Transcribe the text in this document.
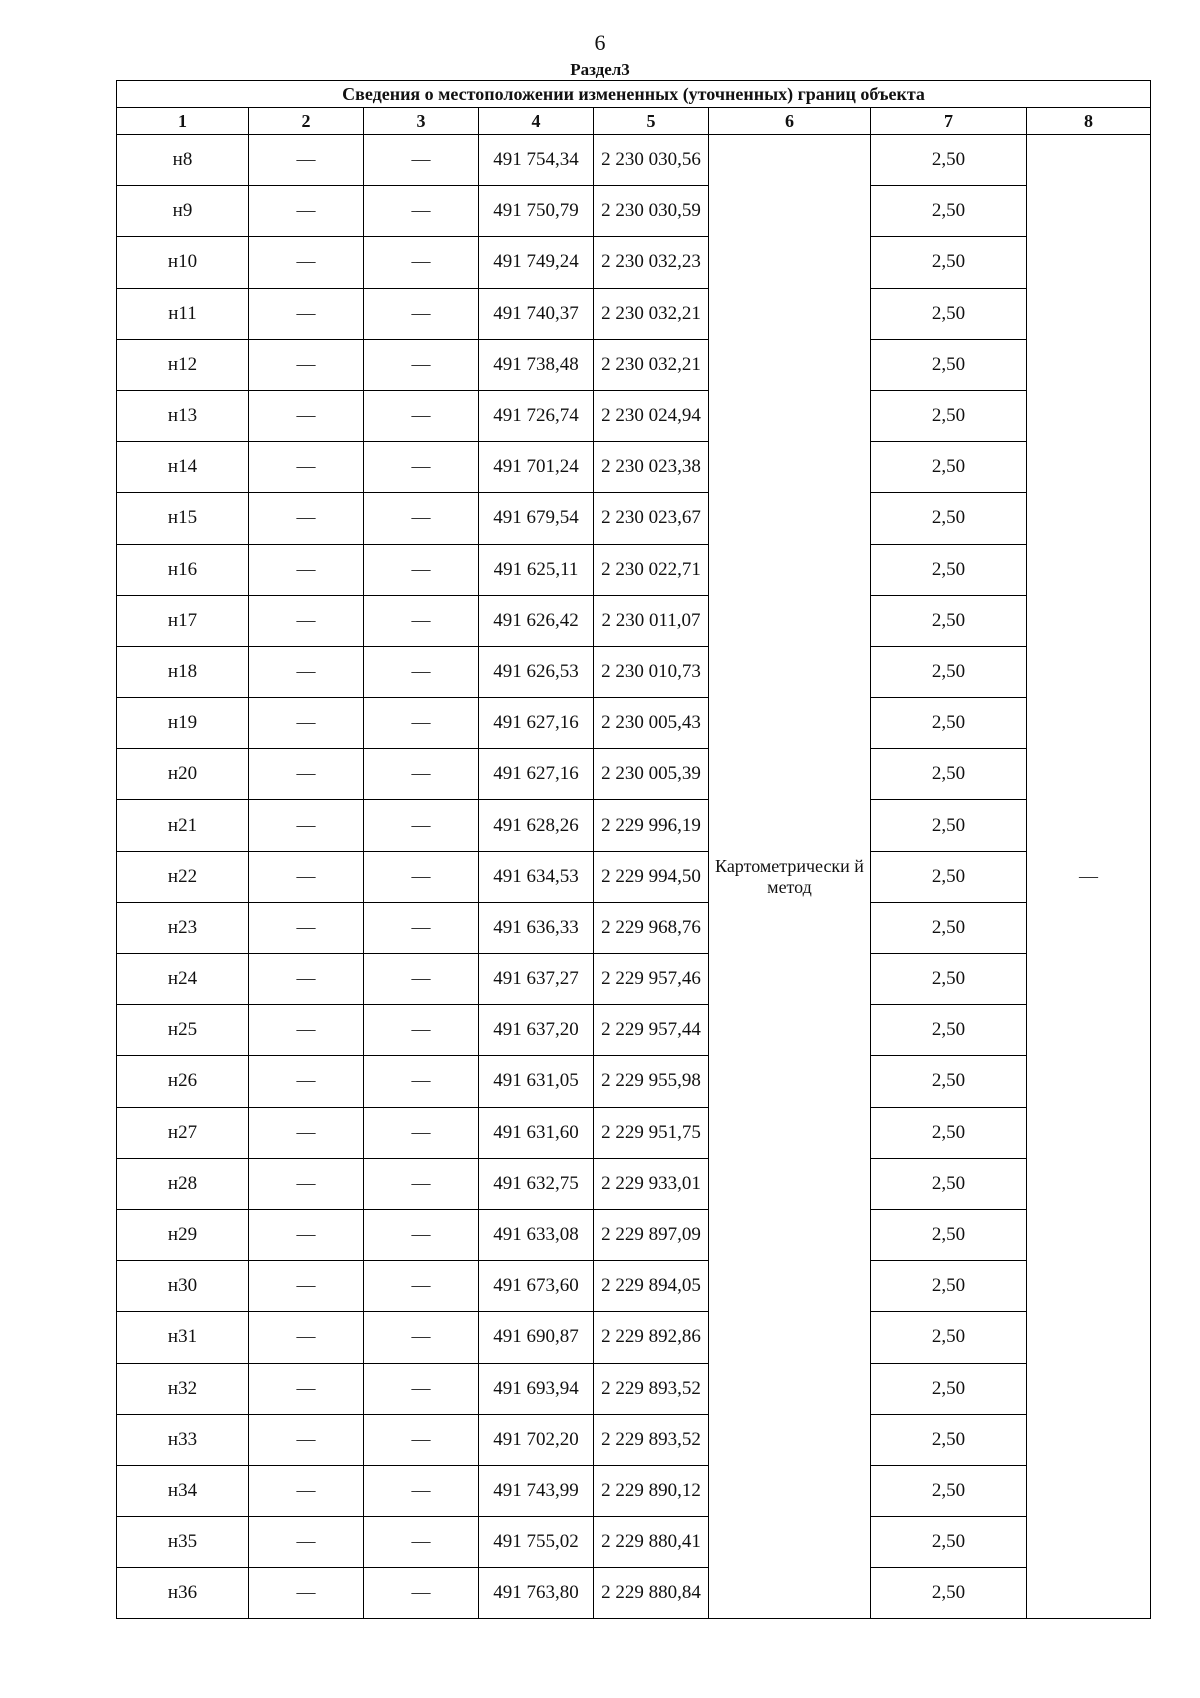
6
Раздел3
Сведения о местоположении измененных (уточненных) границ объекта							
1	2	3	4	5	6	7	8
н8	—	—	491 754,34	2 230 030,56	Картометрически й метод	2,50	—
н9	—	—	491 750,79	2 230 030,59		2,50	
н10	—	—	491 749,24	2 230 032,23		2,50	
н11	—	—	491 740,37	2 230 032,21		2,50	
н12	—	—	491 738,48	2 230 032,21		2,50	
н13	—	—	491 726,74	2 230 024,94		2,50	
н14	—	—	491 701,24	2 230 023,38		2,50	
н15	—	—	491 679,54	2 230 023,67		2,50	
н16	—	—	491 625,11	2 230 022,71		2,50	
н17	—	—	491 626,42	2 230 011,07		2,50	
н18	—	—	491 626,53	2 230 010,73		2,50	
н19	—	—	491 627,16	2 230 005,43		2,50	
н20	—	—	491 627,16	2 230 005,39		2,50	
н21	—	—	491 628,26	2 229 996,19		2,50	
н22	—	—	491 634,53	2 229 994,50		2,50	
н23	—	—	491 636,33	2 229 968,76		2,50	
н24	—	—	491 637,27	2 229 957,46		2,50	
н25	—	—	491 637,20	2 229 957,44		2,50	
н26	—	—	491 631,05	2 229 955,98		2,50	
н27	—	—	491 631,60	2 229 951,75		2,50	
н28	—	—	491 632,75	2 229 933,01		2,50	
н29	—	—	491 633,08	2 229 897,09		2,50	
н30	—	—	491 673,60	2 229 894,05		2,50	
н31	—	—	491 690,87	2 229 892,86		2,50	
н32	—	—	491 693,94	2 229 893,52		2,50	
н33	—	—	491 702,20	2 229 893,52		2,50	
н34	—	—	491 743,99	2 229 890,12		2,50	
н35	—	—	491 755,02	2 229 880,41		2,50	
н36	—	—	491 763,80	2 229 880,84		2,50	
